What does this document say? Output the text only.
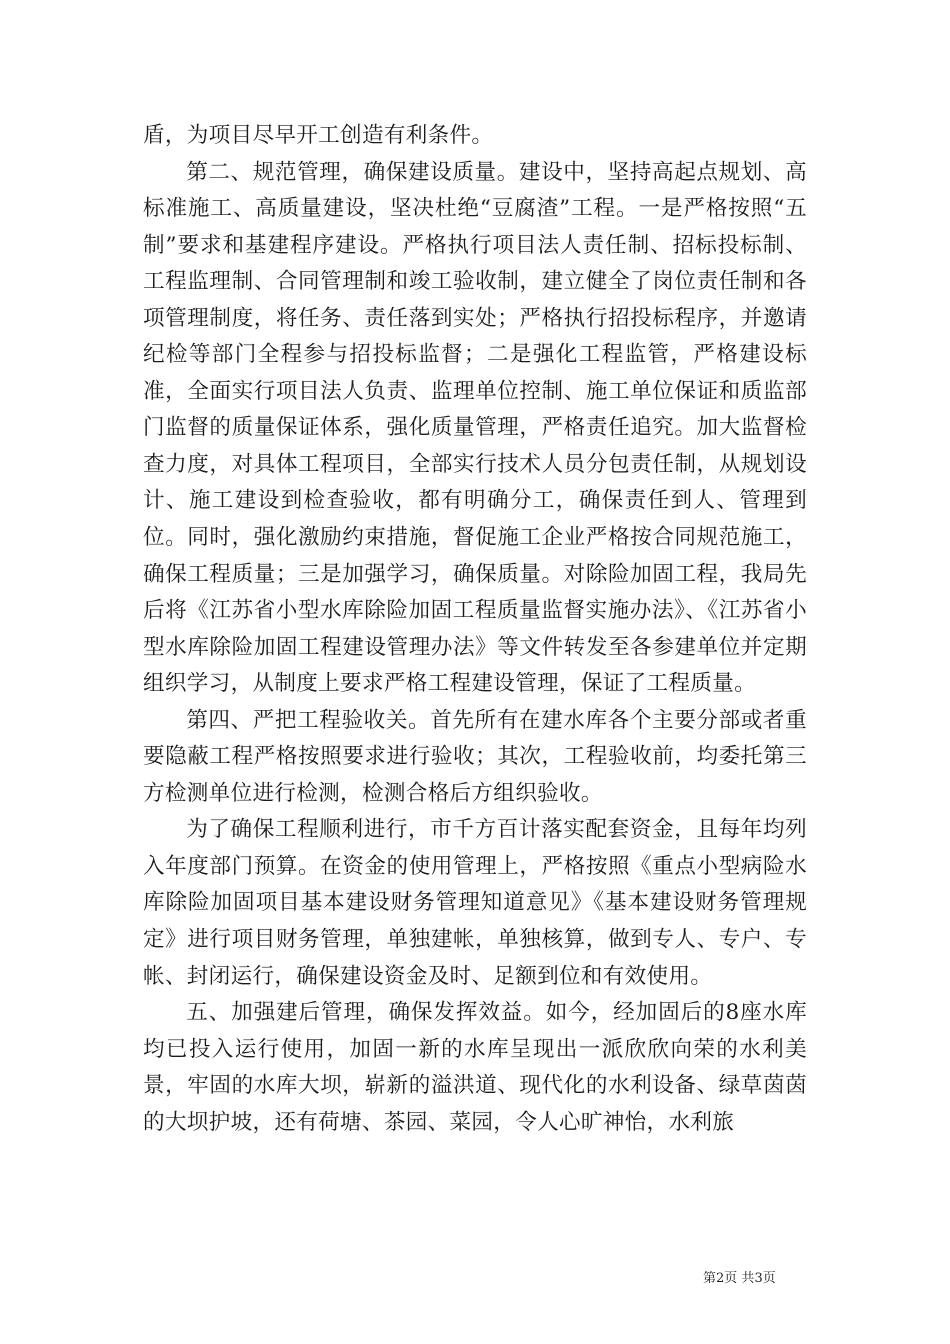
盾，为项目尽早开工创造有利条件。

第二、规范管理，确保建设质量。建设中，坚持高起点规划、高标准施工、高质量建设，坚决杜绝“豆腐渣”工程。一是严格按照“五制”要求和基建程序建设。严格执行项目法人责任制、招标投标制、工程监理制、合同管理制和竣工验收制，建立健全了岗位责任制和各项管理制度，将任务、责任落到实处；严格执行招投标程序，并邀请纪检等部门全程参与招投标监督；二是强化工程监管，严格建设标准，全面实行项目法人负责、监理单位控制、施工单位保证和质监部门监督的质量保证体系，强化质量管理，严格责任追究。加大监督检查力度，对具体工程项目，全部实行技术人员分包责任制，从规划设计、施工建设到检查验收，都有明确分工，确保责任到人、管理到位。同时，强化激励约束措施，督促施工企业严格按合同规范施工，确保工程质量；三是加强学习，确保质量。对除险加固工程，我局先后将《江苏省小型水库除险加固工程质量监督实施办法》、《江苏省小型水库除险加固工程建设管理办法》等文件转发至各参建单位并定期组织学习，从制度上要求严格工程建设管理，保证了工程质量。

第四、严把工程验收关。首先所有在建水库各个主要分部或者重要隐蔽工程严格按照要求进行验收；其次，工程验收前，均委托第三方检测单位进行检测，检测合格后方组织验收。

为了确保工程顺利进行，市千方百计落实配套资金，且每年均列入年度部门预算。在资金的使用管理上，严格按照《重点小型病险水库除险加固项目基本建设财务管理知道意见》《基本建设财务管理规定》进行项目财务管理，单独建帐，单独核算，做到专人、专户、专帐、封闭运行，确保建设资金及时、足额到位和有效使用。

五、加强建后管理，确保发挥效益。如今，经加固后的8座水库均已投入运行使用，加固一新的水库呈现出一派欣欣向荣的水利美景，牢固的水库大坝，崭新的溢洪道、现代化的水利设备、绿草茵茵的大坝护坡，还有荷塘、茶园、菜园，令人心旷神怡，水利旅

第2页 共3页
